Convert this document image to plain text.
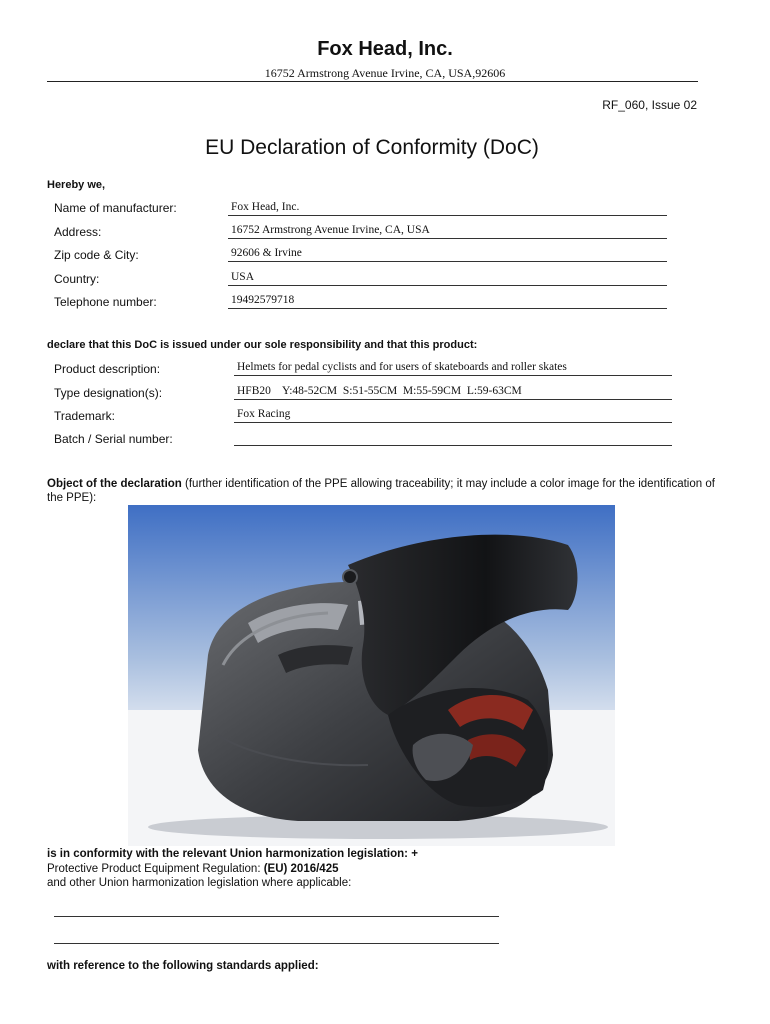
Fox Head, Inc.
16752 Armstrong Avenue Irvine, CA, USA,92606
RF_060, Issue 02
EU Declaration of Conformity (DoC)
Hereby we,
Name of manufacturer:	Fox Head, Inc.
Address:	16752 Armstrong Avenue Irvine, CA, USA
Zip code & City:	92606 & Irvine
Country:	USA
Telephone number:	19492579718
declare that this DoC is issued under our sole responsibility and that this product:
Product description:	Helmets for pedal cyclists and for users of skateboards and roller skates
Type designation(s):	HFB20    Y:48-52CM  S:51-55CM  M:55-59CM  L:59-63CM
Trademark:	Fox Racing
Batch / Serial number:
Object of the declaration (further identification of the PPE allowing traceability; it may include a color image for the identification of the PPE):
is in conformity with the relevant Union harmonization legislation: +
Protective Product Equipment Regulation: (EU) 2016/425
and other Union harmonization legislation where applicable:
with reference to the following standards applied:
